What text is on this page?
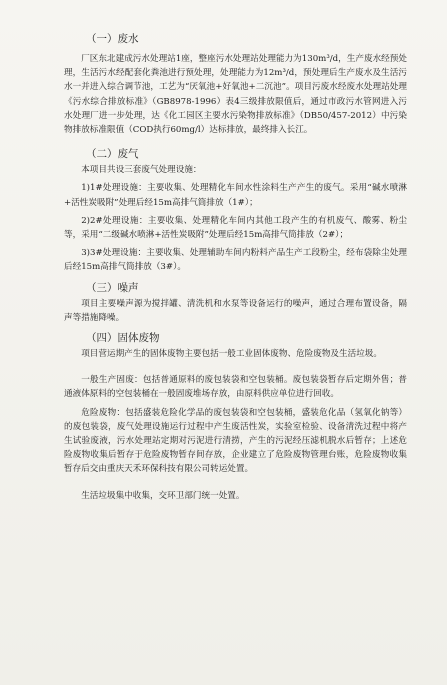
（一）废水

厂区东北建成污水处理站1座，整座污水处理站处理能力为130m³/d，生产废水经预处理，生活污水经配套化粪池进行预处理，处理能力为12m³/d，预处理后生产废水及生活污水一并进入综合调节池，工艺为“厌氧池+好氧池+二沉池”。项目污废水经废水处理站处理《污水综合排放标准》（GB8978-1996）表4三级排放限值后，通过市政污水管网进入污水处理厂进一步处理，达《化工园区主要水污染物排放标准》（DB50/457-2012）中污染物排放标准限值（COD执行60mg/l）达标排放，最终排入长江。

（二）废气

本项目共设三套废气处理设施：

1)1#处理设施：主要收集、处理精化车间水性涂料生产产生的废气。采用“碱水喷淋+活性炭吸附”处理后经15m高排气筒排放（1#）；

2)2#处理设施：主要收集、处理精化车间内其他工段产生的有机废气、酸雾、粉尘等，采用“二级碱水喷淋+活性炭吸附”处理后经15m高排气筒排放（2#）；

3)3#处理设施：主要收集、处理辅助车间内粉料产品生产工段粉尘，经布袋除尘处理后经15m高排气筒排放（3#）。

（三）噪声

项目主要噪声源为搅拌罐、清洗机和水泵等设备运行的噪声，通过合理布置设备，隔声等措施降噪。

（四）固体废物

项目营运期产生的固体废物主要包括一般工业固体废物、危险废物及生活垃圾。

一般生产固废：包括普通原料的废包装袋和空包装桶。废包装袋暂存后定期外售；普通液体原料的空包装桶在一般固废堆场存放，由原料供应单位进行回收。

危险废物：包括盛装危险化学品的废包装袋和空包装桶，盛装危化品（氢氧化钠等）的废包装袋，废气处理设施运行过程中产生废活性炭，实验室检验、设备清洗过程中将产生试验废液，污水处理站定期对污泥进行清捞，产生的污泥经压滤机脱水后暂存；上述危险废物收集后暂存于危险废物暂存间存放，企业建立了危险废物管理台账，危险废物收集暂存后交由重庆天禾环保科技有限公司转运处置。

生活垃圾集中收集，交环卫部门统一处置。
